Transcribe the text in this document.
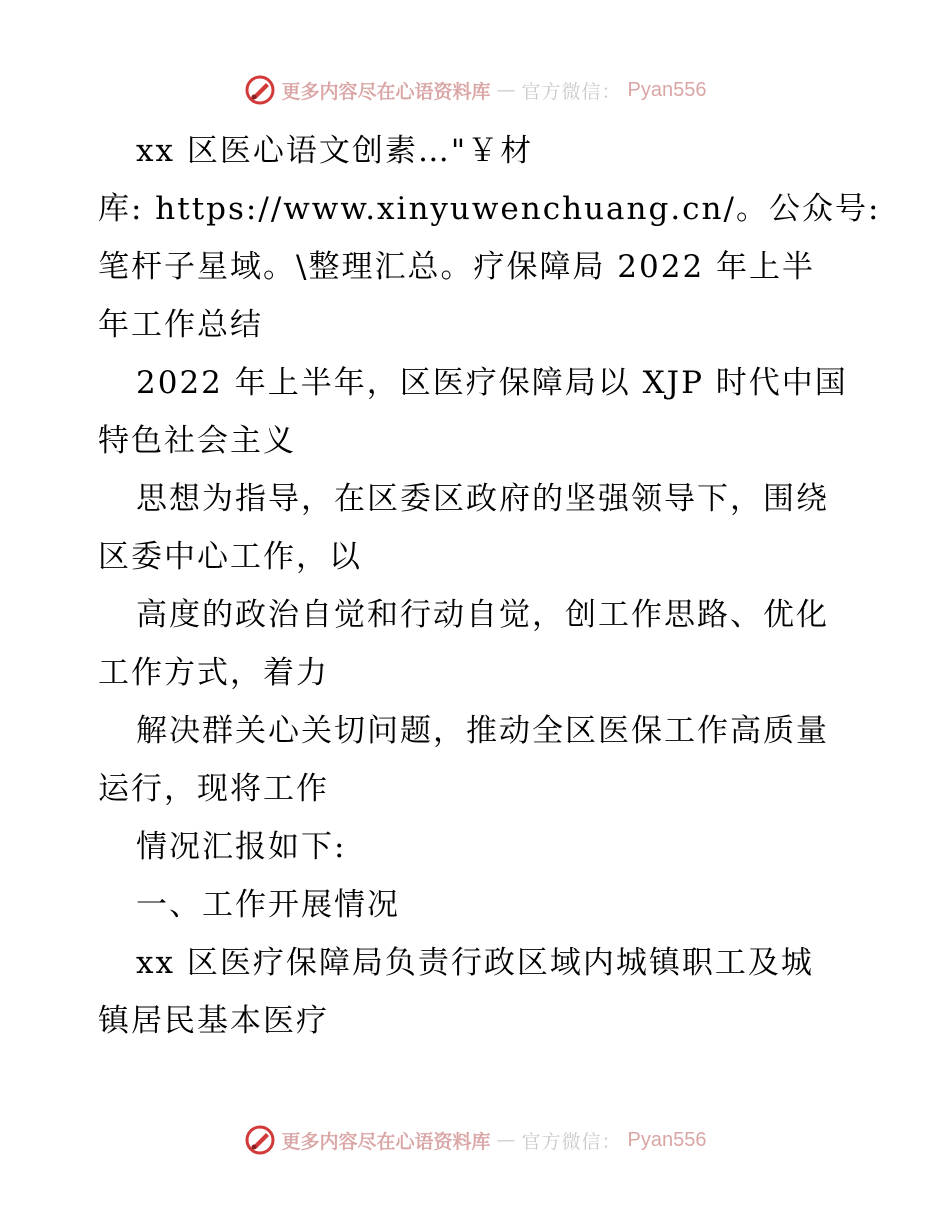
更多内容尽在心语资料库 — 官方微信： Pyan556
xx 区医心语文创素…"￥材
库: https://www.xinyuwenchuang.cn/。公众号:
笔杆子星域。\整理汇总。疗保障局 2022 年上半
年工作总结
2022 年上半年，区医疗保障局以 XJP 时代中国
特色社会主义
思想为指导，在区委区政府的坚强领导下，围绕
区委中心工作，以
高度的政治自觉和行动自觉，创工作思路、优化
工作方式，着力
解决群关心关切问题，推动全区医保工作高质量
运行，现将工作
情况汇报如下:
一、工作开展情况
xx 区医疗保障局负责行政区域内城镇职工及城
镇居民基本医疗
更多内容尽在心语资料库 — 官方微信： Pyan556
